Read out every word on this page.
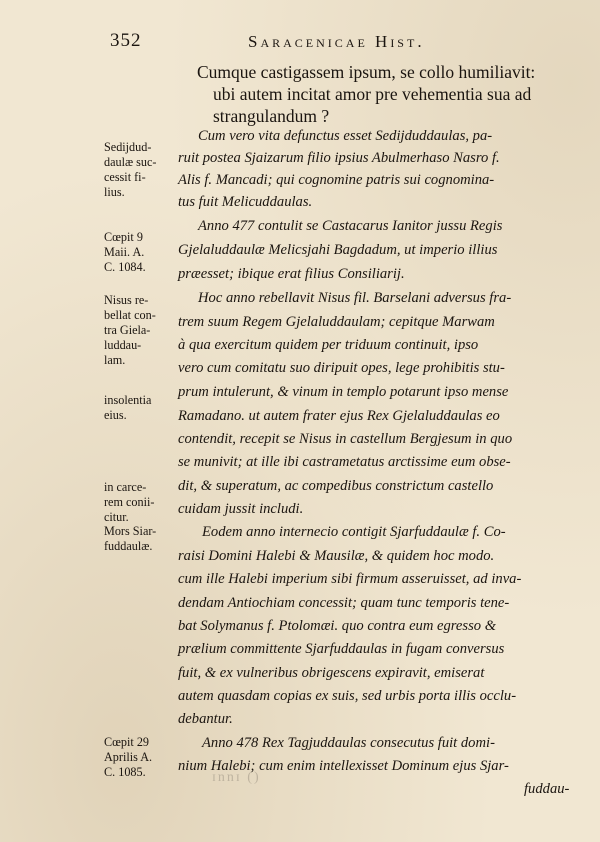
352	Saracenicae Hist.
Cumque castigassem ipsum, se collo humiliavit:
ubi autem incitat amor pre vehementia sua ad
strangulandum ?
Cum vero vita defunctus esset Sedijduddaulas, pa-
ruit postea Sjaizarum filio ipsius Abulmerhaso Nasro f.
Alis f. Mancadi; qui cognomine patris sui cognomina-
tus fuit Melicuddaulas.
Anno 477 contulit se Castacarus Ianitor jussu Regis
Gjelaluddaulæ Melicsjahi Bagdadum, ut imperio illius
præesset; ibique erat filius Consiliarij.
Hoc anno rebellavit Nisus fil. Barselani adversus fra-
trem suum Regem Gjelaluddaulam; cepitque Marwam
à qua exercitum quidem per triduum continuit, ipso
vero cum comitatu suo diripuit opes, lege prohibitis stu-
prum intulerunt, & vinum in templo potarunt ipso mense
Ramadano. ut autem frater ejus Rex Gjelaluddaulas eo
contendit, recepit se Nisus in castellum Bergjesum in quo
se munivit; at ille ibi castrametatus arctissime eum obse-
dit, & superatum, ac compedibus constrictum castello
cuidam jussit includi.
Eodem anno internecio contigit Sjarfuddaulæ f. Co-
raisi Domini Halebi & Mausilæ, & quidem hoc modo.
cum ille Halebi imperium sibi firmum asseruisset, ad inva-
dendam Antiochiam concessit; quam tunc temporis tene-
bat Solymanus f. Ptolomæi. quo contra eum egresso &
prælium committente Sjarfuddaulas in fugam conversus
fuit, & ex vulneribus obrigescens expiravit, emiserat
autem quasdam copias ex suis, sed urbis porta illis occlu-
debantur.
Anno 478 Rex Tagjuddaulas consecutus fuit domi-
nium Halebi; cum enim intellexisset Dominum ejus Sjar-
fuddau-
ɪnnɪ ()
Sedijdud-
daulæ suc-
cessit fi-
lius.
Cœpit 9
Maii. A.
C. 1084.
Nisus re-
bellat con-
tra Giela-
luddau-
lam.
insolentia
eius.
in carce-
rem conii-
citur.
Mors Siar-
fuddaulæ.
Cœpit 29
Aprilis A.
C. 1085.
